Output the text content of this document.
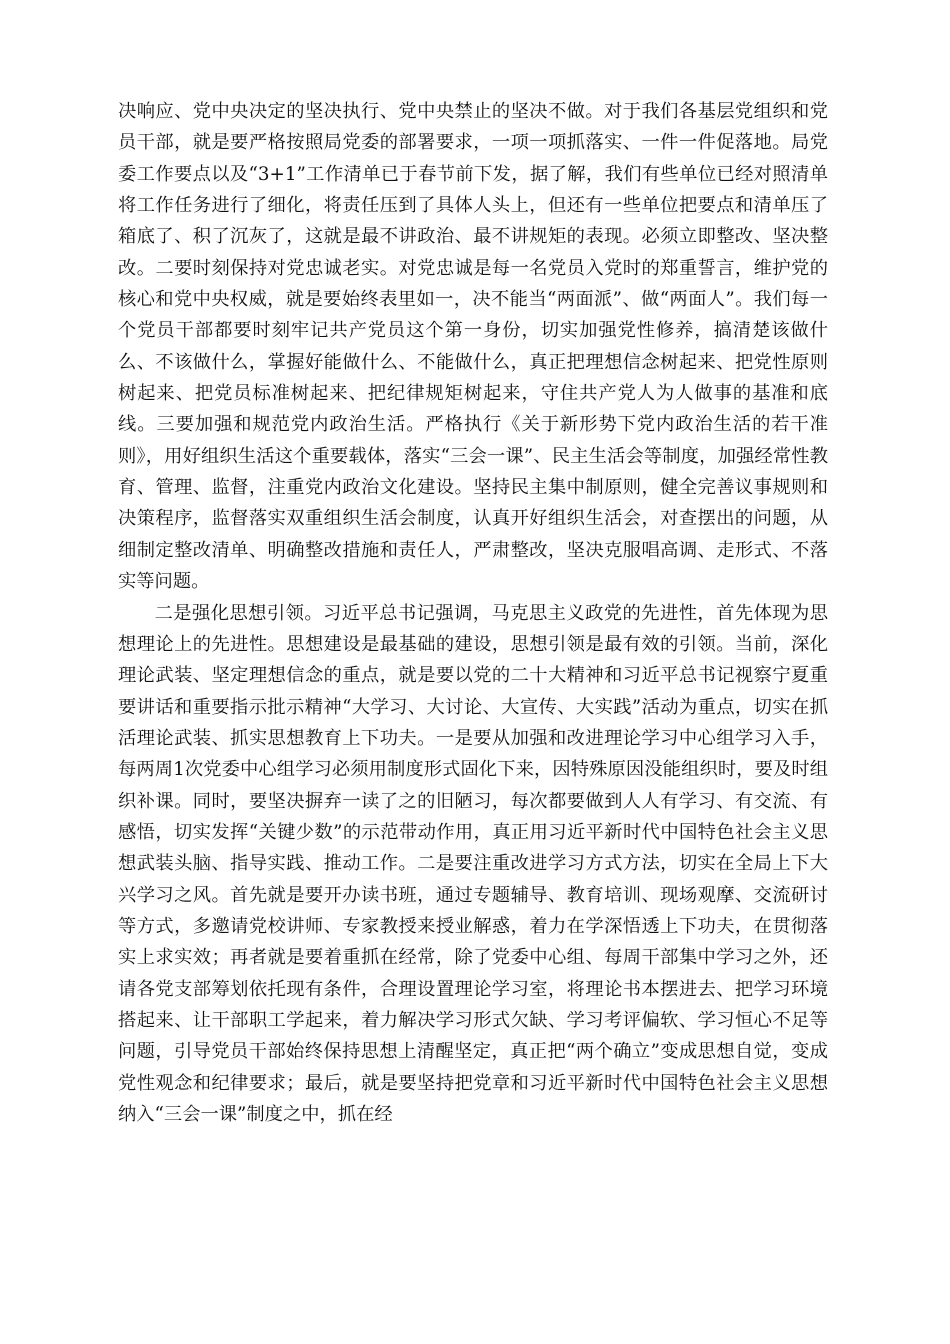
决响应、党中央决定的坚决执行、党中央禁止的坚决不做。对于我们各基层党组织和党员干部，就是要严格按照局党委的部署要求，一项一项抓落实、一件一件促落地。局党委工作要点以及“3+1”工作清单已于春节前下发，据了解，我们有些单位已经对照清单将工作任务进行了细化，将责任压到了具体人头上，但还有一些单位把要点和清单压了箱底了、积了沉灰了，这就是最不讲政治、最不讲规矩的表现。必须立即整改、坚决整改。二要时刻保持对党忠诚老实。对党忠诚是每一名党员入党时的郑重誓言，维护党的核心和党中央权威，就是要始终表里如一，决不能当“两面派”、做“两面人”。我们每一个党员干部都要时刻牢记共产党员这个第一身份，切实加强党性修养，搞清楚该做什么、不该做什么，掌握好能做什么、不能做什么，真正把理想信念树起来、把党性原则树起来、把党员标准树起来、把纪律规矩树起来，守住共产党人为人做事的基准和底线。三要加强和规范党内政治生活。严格执行《关于新形势下党内政治生活的若干准则》，用好组织生活这个重要载体，落实“三会一课”、民主生活会等制度，加强经常性教育、管理、监督，注重党内政治文化建设。坚持民主集中制原则，健全完善议事规则和决策程序，监督落实双重组织生活会制度，认真开好组织生活会，对查摆出的问题，从细制定整改清单、明确整改措施和责任人，严肃整改，坚决克服唱高调、走形式、不落实等问题。

二是强化思想引领。习近平总书记强调，马克思主义政党的先进性，首先体现为思想理论上的先进性。思想建设是最基础的建设，思想引领是最有效的引领。当前，深化理论武装、坚定理想信念的重点，就是要以党的二十大精神和习近平总书记视察宁夏重要讲话和重要指示批示精神“大学习、大讨论、大宣传、大实践”活动为重点，切实在抓活理论武装、抓实思想教育上下功夫。一是要从加强和改进理论学习中心组学习入手，每两周1次党委中心组学习必须用制度形式固化下来，因特殊原因没能组织时，要及时组织补课。同时，要坚决摒弃一读了之的旧陋习，每次都要做到人人有学习、有交流、有感悟，切实发挥“关键少数”的示范带动作用，真正用习近平新时代中国特色社会主义思想武装头脑、指导实践、推动工作。二是要注重改进学习方式方法，切实在全局上下大兴学习之风。首先就是要开办读书班，通过专题辅导、教育培训、现场观摩、交流研讨等方式，多邀请党校讲师、专家教授来授业解惑，着力在学深悟透上下功夫，在贯彻落实上求实效；再者就是要着重抓在经常，除了党委中心组、每周干部集中学习之外，还请各党支部筹划依托现有条件，合理设置理论学习室，将理论书本摆进去、把学习环境搭起来、让干部职工学起来，着力解决学习形式欠缺、学习考评偏软、学习恒心不足等问题，引导党员干部始终保持思想上清醒坚定，真正把“两个确立”变成思想自觉，变成党性观念和纪律要求；最后，就是要坚持把党章和习近平新时代中国特色社会主义思想纳入“三会一课”制度之中，抓在经
